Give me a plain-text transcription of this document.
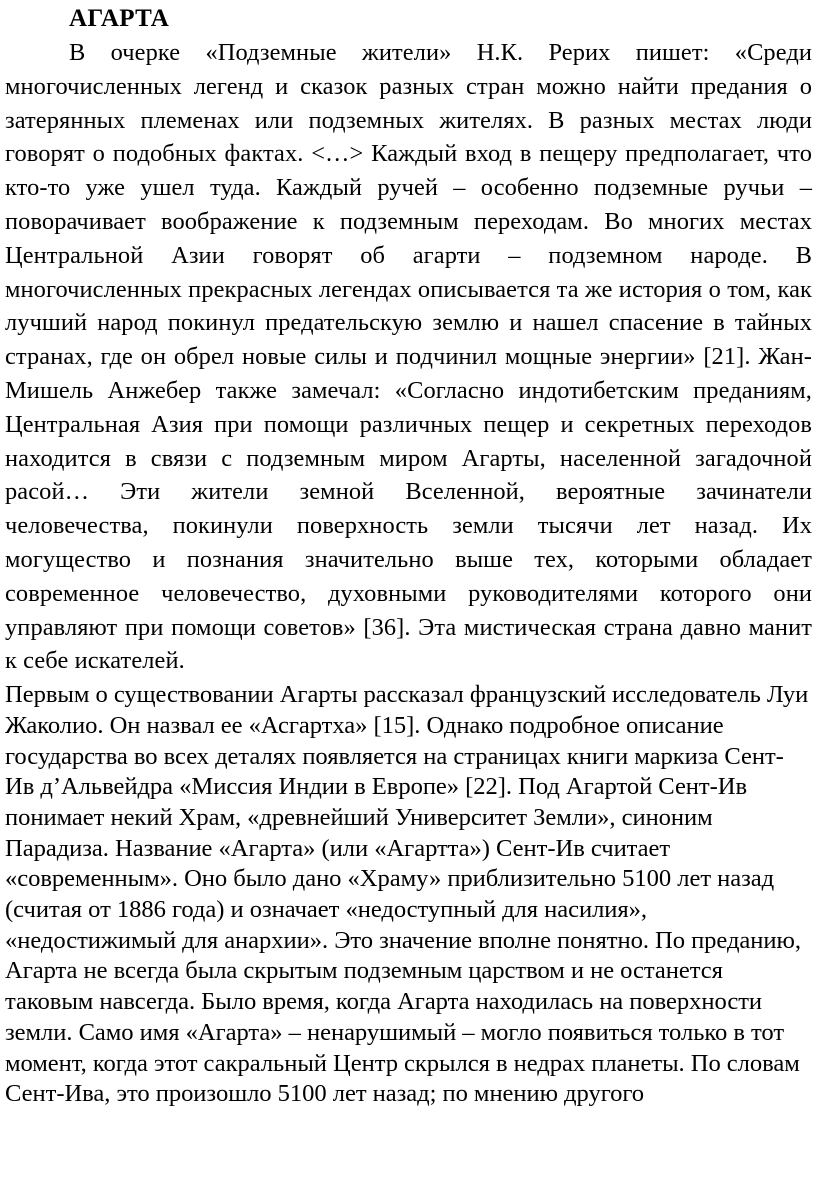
АГАРТА

В очерке «Подземные жители» Н.К. Рерих пишет: «Среди многочисленных легенд и сказок разных стран можно найти предания о затерянных племенах или подземных жителях. В разных местах люди говорят о подобных фактах. <…> Каждый вход в пещеру предполагает, что кто-то уже ушел туда. Каждый ручей – особенно подземные ручьи – поворачивает воображение к подземным переходам. Во многих местах Центральной Азии говорят об агарти – подземном народе. В многочисленных прекрасных легендах описывается та же история о том, как лучший народ покинул предательскую землю и нашел спасение в тайных странах, где он обрел новые силы и подчинил мощные энергии» [21]. Жан-Мишель Анжебер также замечал: «Согласно индотибетским преданиям, Центральная Азия при помощи различных пещер и секретных переходов находится в связи с подземным миром Агарты, населенной загадочной расой… Эти жители земной Вселенной, вероятные зачинатели человечества, покинули поверхность земли тысячи лет назад. Их могущество и познания значительно выше тех, которыми обладает современное человечество, духовными руководителями которого они управляют при помощи советов» [36]. Эта мистическая страна давно манит к себе искателей.

Первым о существовании Агарты рассказал французский исследователь Луи Жаколио. Он назвал ее «Асгартха» [15]. Однако подробное описание государства во всех деталях появляется на страницах книги маркиза Сент-Ив д’Альвейдра «Миссия Индии в Европе» [22]. Под Агартой Сент-Ив понимает некий Храм, «древнейший Университет Земли», синоним Парадиза. Название «Агарта» (или «Агартта») Сент-Ив считает «современным». Оно было дано «Храму» приблизительно 5100 лет назад (считая от 1886 года) и означает «недоступный для насилия», «недостижимый для анархии». Это значение вполне понятно. По преданию, Агарта не всегда была скрытым подземным царством и не останется таковым навсегда. Было время, когда Агарта находилась на поверхности земли. Само имя «Агарта» – ненарушимый – могло появиться только в тот момент, когда этот сакральный Центр скрылся в недрах планеты. По словам Сент-Ива, это произошло 5100 лет назад; по мнению другого
